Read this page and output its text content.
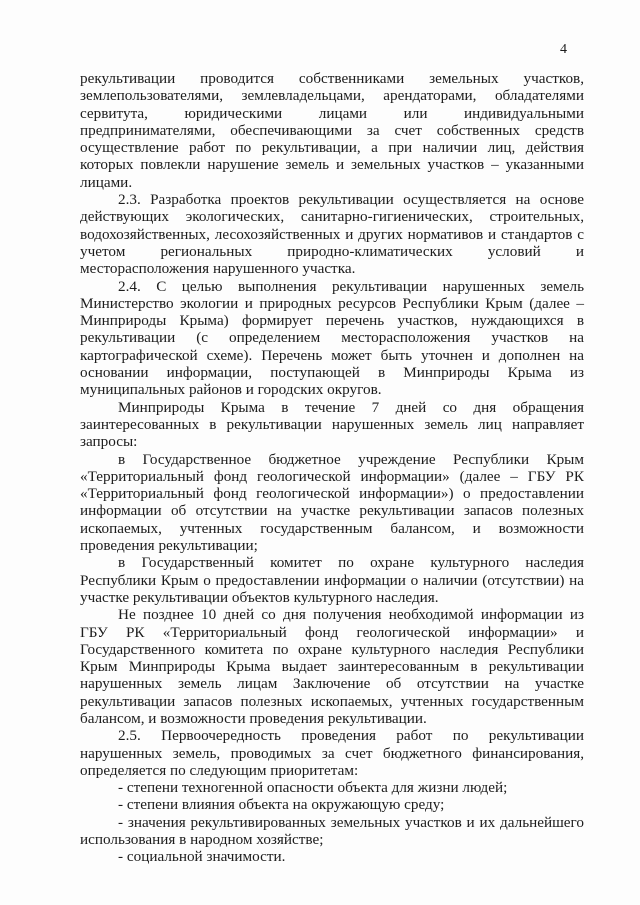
4

рекультивации проводится собственниками земельных участков, землепользователями, землевладельцами, арендаторами, обладателями сервитута, юридическими лицами или индивидуальными предпринимателями, обеспечивающими за счет собственных средств осуществление работ по рекультивации, а при наличии лиц, действия которых повлекли нарушение земель и земельных участков – указанными лицами.

2.3. Разработка проектов рекультивации осуществляется на основе действующих экологических, санитарно-гигиенических, строительных, водохозяйственных, лесохозяйственных и других нормативов и стандартов с учетом региональных природно-климатических условий и месторасположения нарушенного участка.

2.4. С целью выполнения рекультивации нарушенных земель Министерство экологии и природных ресурсов Республики Крым (далее – Минприроды Крыма) формирует перечень участков, нуждающихся в рекультивации (с определением месторасположения участков на картографической схеме). Перечень может быть уточнен и дополнен на основании информации, поступающей в Минприроды Крыма из муниципальных районов и городских округов.

Минприроды Крыма в течение 7 дней со дня обращения заинтересованных в рекультивации нарушенных земель лиц направляет запросы:

в Государственное бюджетное учреждение Республики Крым «Территориальный фонд геологической информации» (далее – ГБУ РК «Территориальный фонд геологической информации») о предоставлении информации об отсутствии на участке рекультивации запасов полезных ископаемых, учтенных государственным балансом, и возможности проведения рекультивации;

в Государственный комитет по охране культурного наследия Республики Крым о предоставлении информации о наличии (отсутствии) на участке рекультивации объектов культурного наследия.

Не позднее 10 дней со дня получения необходимой информации из ГБУ РК «Территориальный фонд геологической информации» и Государственного комитета по охране культурного наследия Республики Крым Минприроды Крыма выдает заинтересованным в рекультивации нарушенных земель лицам Заключение об отсутствии на участке рекультивации запасов полезных ископаемых, учтенных государственным балансом, и возможности проведения рекультивации.

2.5. Первоочередность проведения работ по рекультивации нарушенных земель, проводимых за счет бюджетного финансирования, определяется по следующим приоритетам:

- степени техногенной опасности объекта для жизни людей;

- степени влияния объекта на окружающую среду;

- значения рекультивированных земельных участков и их дальнейшего использования в народном хозяйстве;

- социальной значимости.
